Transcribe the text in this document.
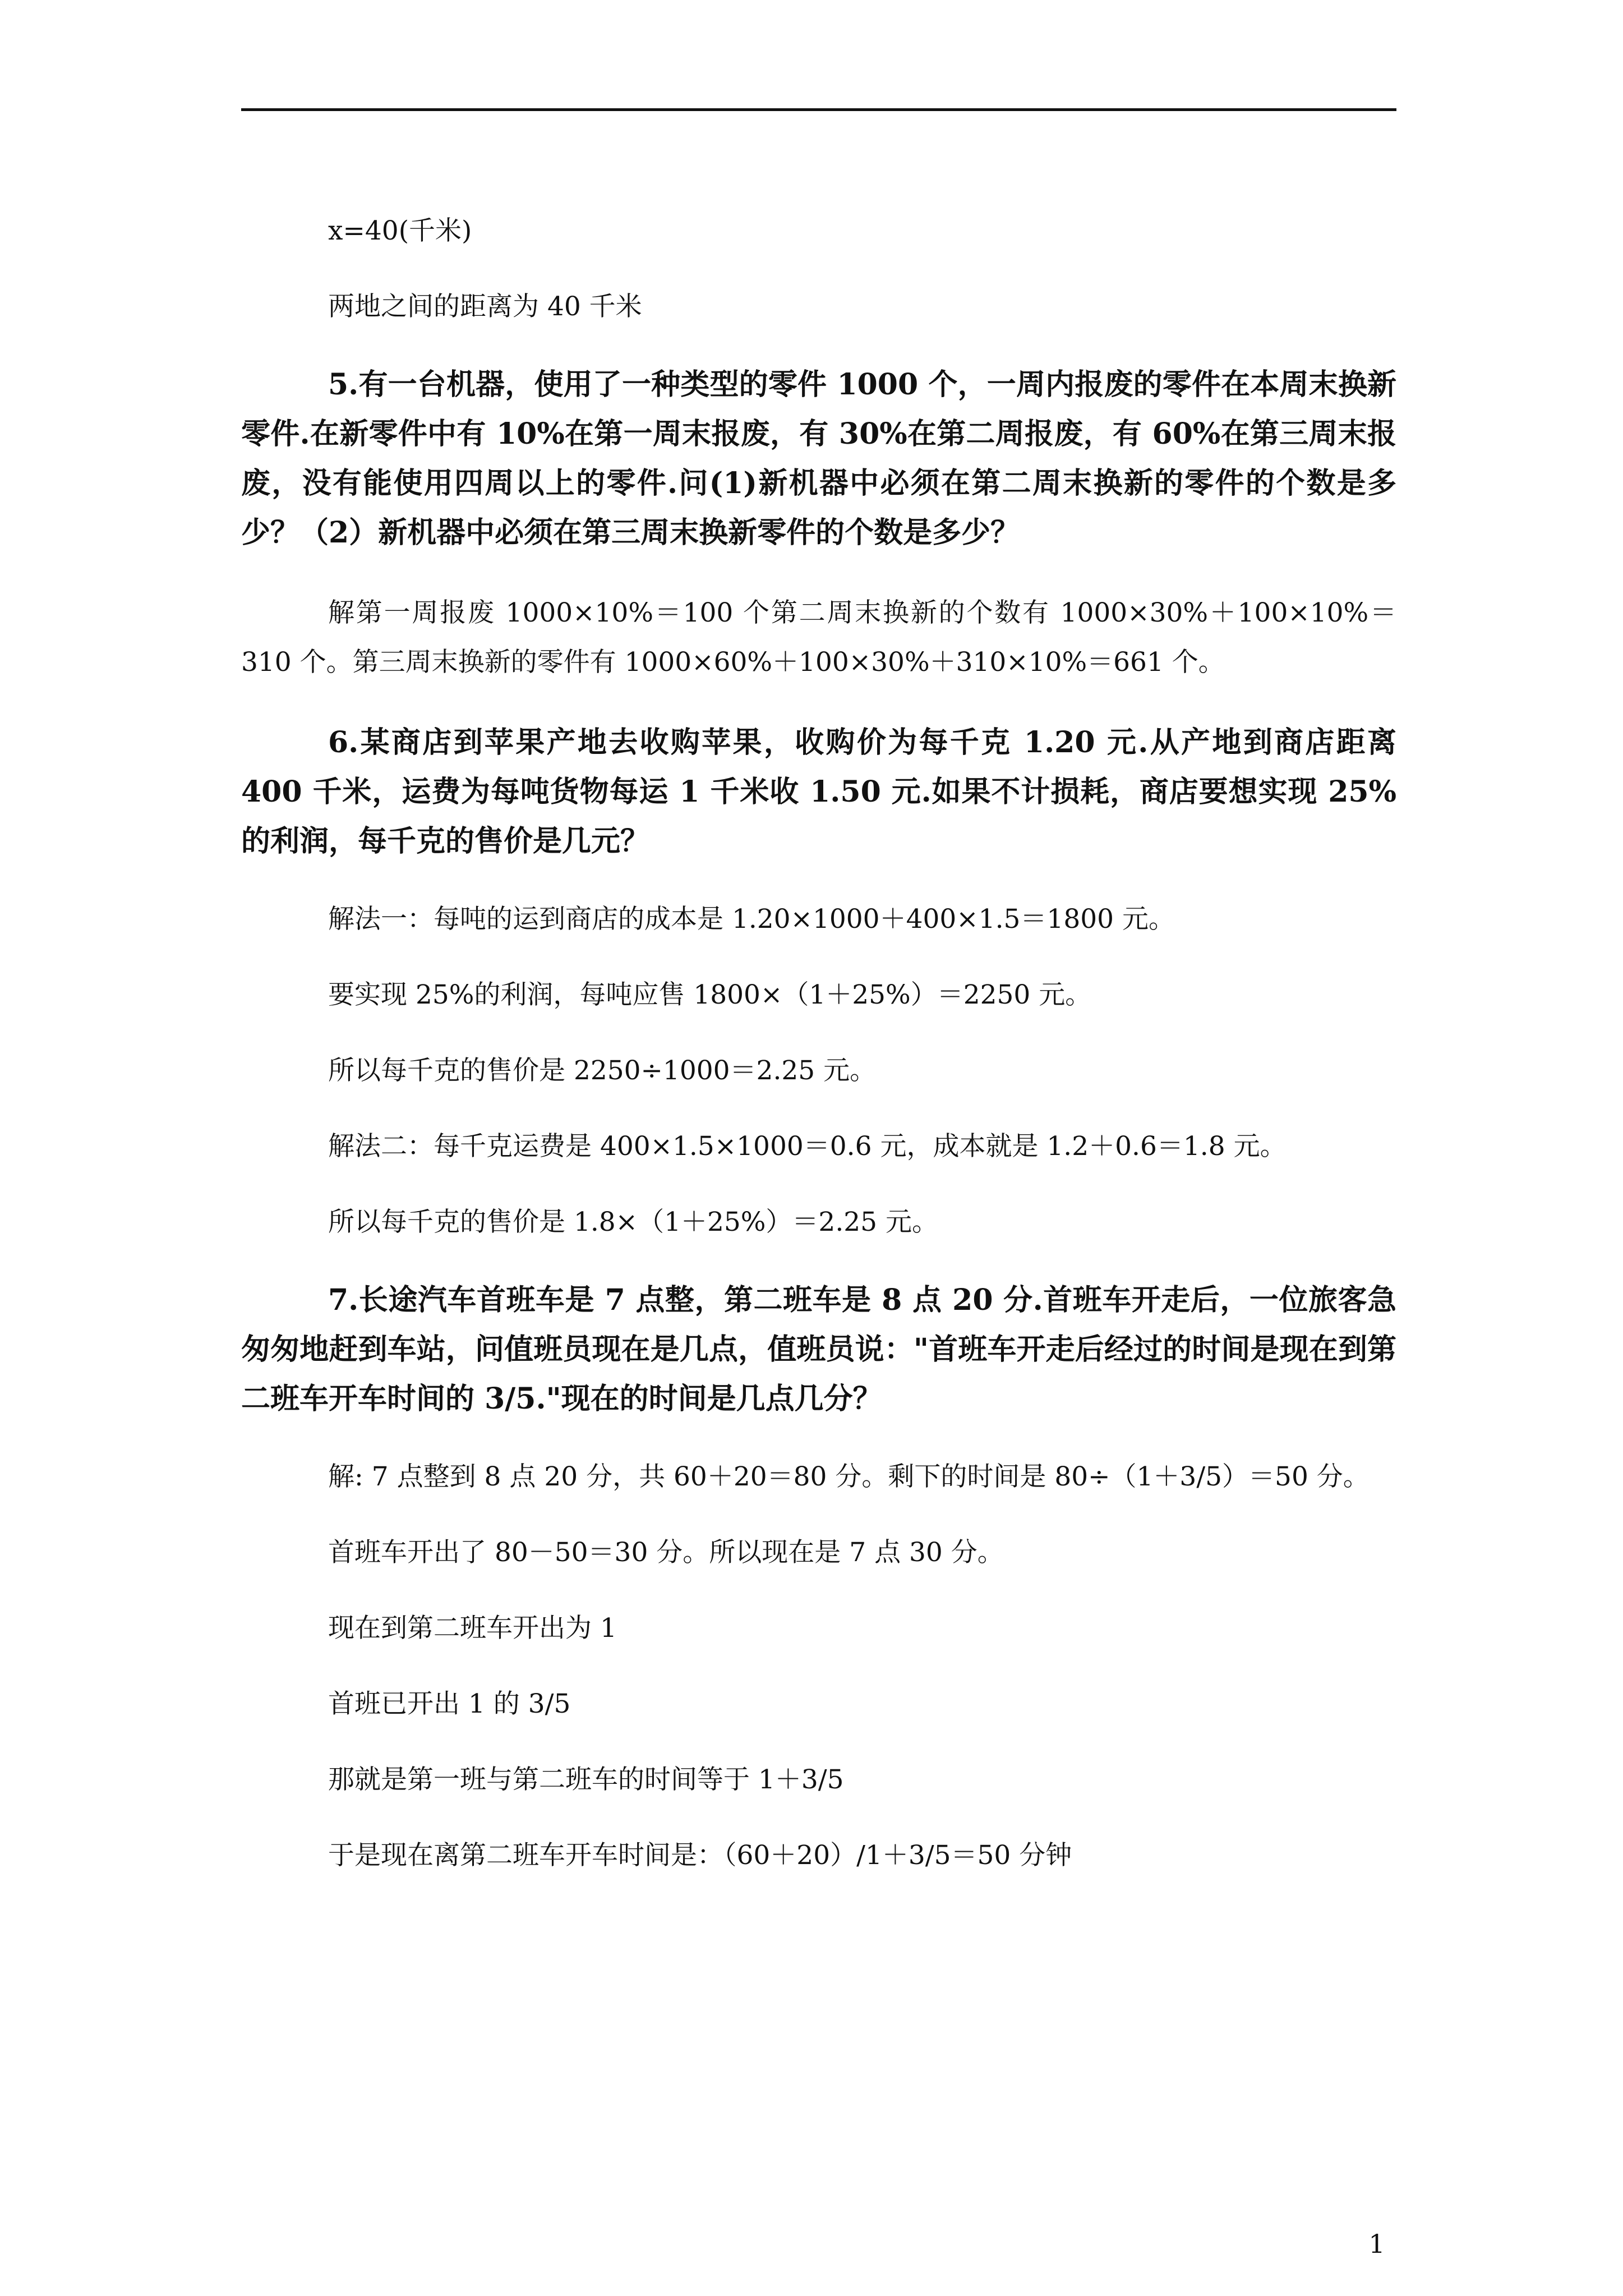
x=40(千米)

两地之间的距离为 40 千米

5.有一台机器，使用了一种类型的零件 1000 个，一周内报废的零件在本周末换新零件.在新零件中有 10%在第一周末报废，有 30%在第二周报废，有 60%在第三周末报废，没有能使用四周以上的零件.问(1)新机器中必须在第二周末换新的零件的个数是多少？（2）新机器中必须在第三周末换新零件的个数是多少？

解第一周报废 1000×10%＝100 个第二周末换新的个数有 1000×30%＋100×10%＝310 个。第三周末换新的零件有 1000×60%＋100×30%＋310×10%＝661 个。

6.某商店到苹果产地去收购苹果，收购价为每千克 1.20 元.从产地到商店距离 400 千米，运费为每吨货物每运 1 千米收 1.50 元.如果不计损耗，商店要想实现 25%的利润，每千克的售价是几元？

解法一：每吨的运到商店的成本是 1.20×1000＋400×1.5＝1800 元。

要实现 25%的利润，每吨应售 1800×（1＋25%）＝2250 元。

所以每千克的售价是 2250÷1000＝2.25 元。

解法二：每千克运费是 400×1.5×1000＝0.6 元，成本就是 1.2＋0.6＝1.8 元。

所以每千克的售价是 1.8×（1＋25%）＝2.25 元。

7.长途汽车首班车是 7 点整，第二班车是 8 点 20 分.首班车开走后，一位旅客急匆匆地赶到车站，问值班员现在是几点，值班员说："首班车开走后经过的时间是现在到第二班车开车时间的 3/5."现在的时间是几点几分？

解: 7 点整到 8 点 20 分，共 60＋20＝80 分。剩下的时间是 80÷（1＋3/5）＝50 分。

首班车开出了 80－50＝30 分。所以现在是 7 点 30 分。

现在到第二班车开出为 1

首班已开出 1 的 3/5

那就是第一班与第二班车的时间等于 1＋3/5

于是现在离第二班车开车时间是：（60＋20）/1＋3/5＝50 分钟

1
